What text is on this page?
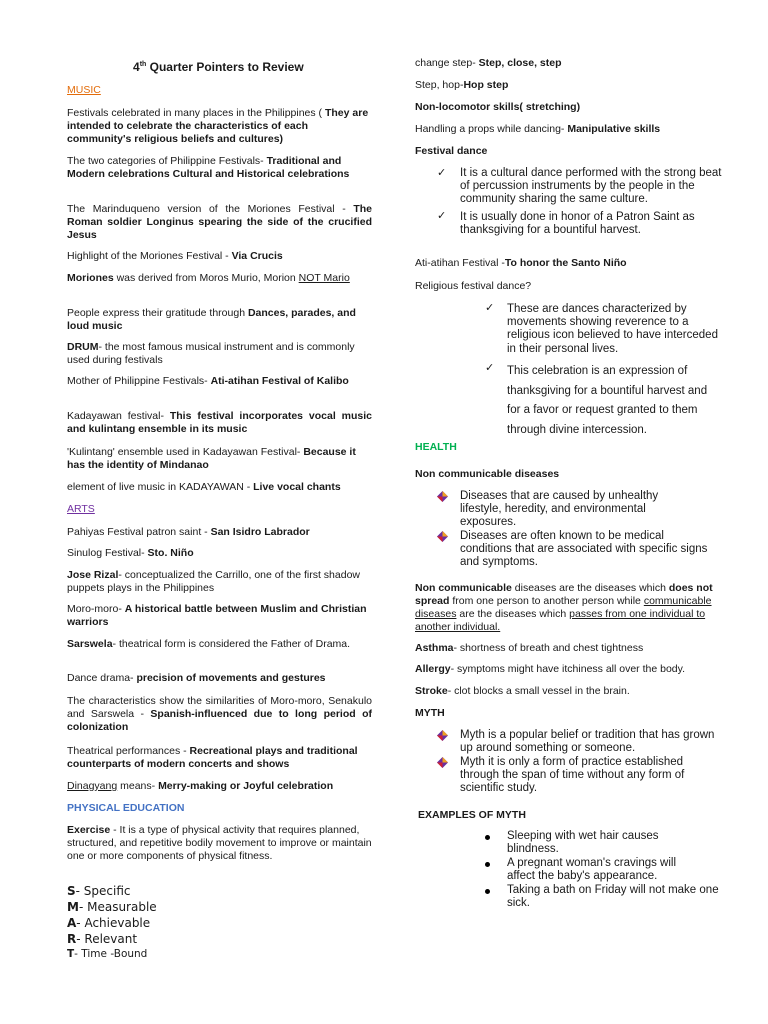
4th Quarter Pointers to Review
MUSIC
Festivals celebrated in many places in the Philippines ( They are intended to celebrate the characteristics of each community's religious beliefs and cultures)
The two categories of Philippine Festivals- Traditional and Modern celebrations Cultural and Historical celebrations
The Marinduqueno version of the Moriones Festival - The Roman soldier Longinus spearing the side of the crucified Jesus
Highlight of the Moriones Festival - Via Crucis
Moriones was derived from Moros Murio, Morion NOT Mario
People express their gratitude through Dances, parades, and loud music
DRUM- the most famous musical instrument and is commonly used during festivals
Mother of Philippine Festivals- Ati-atihan Festival of Kalibo
Kadayawan festival- This festival incorporates vocal music and kulintang ensemble in its music
'Kulintang' ensemble used in Kadayawan Festival- Because it has the identity of Mindanao
element of live music in KADAYAWAN - Live vocal chants
ARTS
Pahiyas Festival patron saint - San Isidro Labrador
Sinulog Festival- Sto. Niño
Jose Rizal- conceptualized the Carrillo, one of the first shadow puppets plays in the Philippines
Moro-moro- A historical battle between Muslim and Christian warriors
Sarswela- theatrical form is considered the Father of Drama.
Dance drama- precision of movements and gestures
The characteristics show the similarities of Moro-moro, Senakulo and Sarswela - Spanish-influenced due to long period of colonization
Theatrical performances - Recreational plays and traditional counterparts of modern concerts and shows
Dinagyang means- Merry-making or Joyful celebration
PHYSICAL EDUCATION
Exercise - It is a type of physical activity that requires planned, structured, and repetitive bodily movement to improve or maintain one or more components of physical fitness.
S- Specific
M- Measurable
A- Achievable
R- Relevant
T- Time -Bound
change step- Step, close, step
Step, hop-Hop step
Non-locomotor skills( stretching)
Handling a props while dancing- Manipulative skills
Festival dance
✓ It is a cultural dance performed with the strong beat of percussion instruments by the people in the community sharing the same culture.
✓ It is usually done in honor of a Patron Saint as thanksgiving for a bountiful harvest.
Ati-atihan Festival -To honor the Santo Niño
Religious festival dance?
✓ These are dances characterized by movements showing reverence to a religious icon believed to have interceded in their personal lives.
✓ This celebration is an expression of thanksgiving for a bountiful harvest and for a favor or request granted to them through divine intercession.
HEALTH
Non communicable diseases
Diseases that are caused by unhealthy lifestyle, heredity, and environmental exposures.
Diseases are often known to be medical conditions that are associated with specific signs and symptoms.
Non communicable diseases are the diseases which does not spread from one person to another person while communicable diseases are the diseases which passes from one individual to another individual.
Asthma- shortness of breath and chest tightness
Allergy- symptoms might have itchiness all over the body.
Stroke- clot blocks a small vessel in the brain.
MYTH
Myth is a popular belief or tradition that has grown up around something or someone.
Myth it is only a form of practice established through the span of time without any form of scientific study.
EXAMPLES OF MYTH
Sleeping with wet hair causes blindness.
A pregnant woman's cravings will affect the baby's appearance.
Taking a bath on Friday will not make one sick.
